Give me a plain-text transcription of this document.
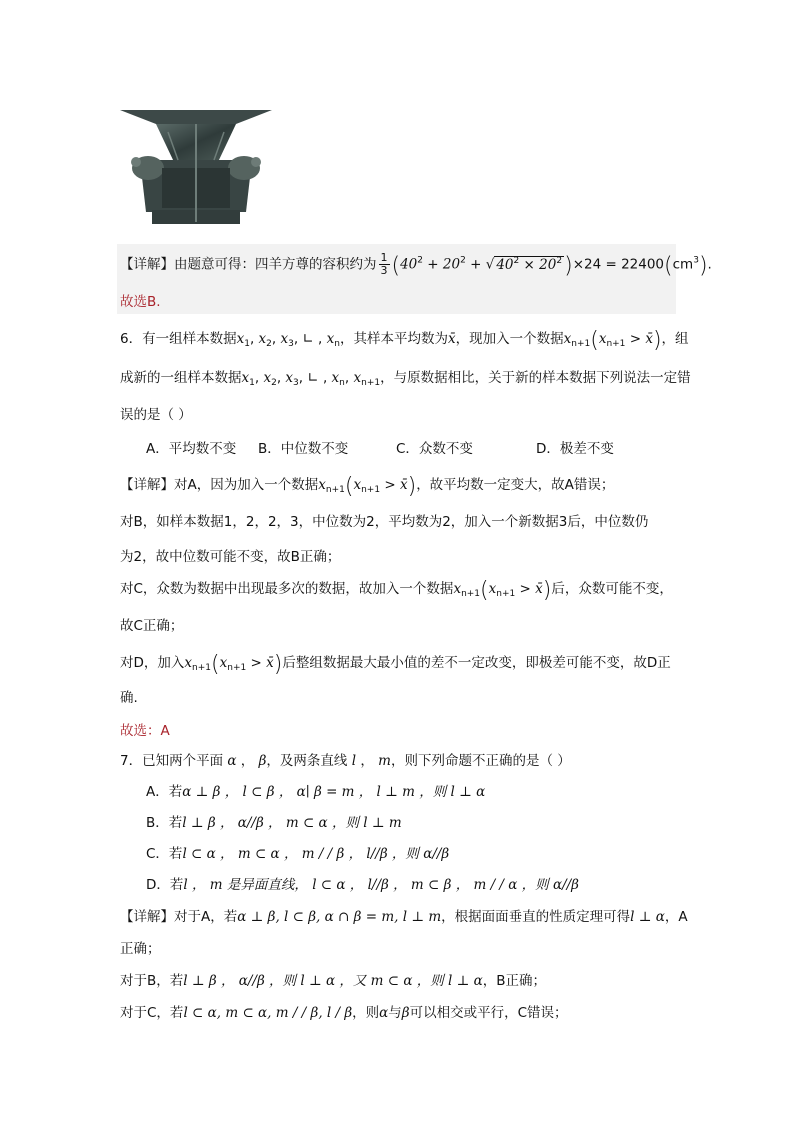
【详解】由题意可得：四羊方尊的容积约为 $\frac{1}{3} (40^2 + 20^2$ + √ $40^2 \times 20^2)\times 24 = 22400(cm^3)$.
故选B.
6．有一组样本数据$x_1$, $x_2$, $x_3$, ∟ , $x_n$，其样本平均数为x̄，现加入一个数据$x_{n+1}(x_{n+1}$ > x̄)，组
成新的一组样本数据$x_1$, $x_2$, $x_3$, ∟ , $x_n$, $x_{n+1}$，与原数据相比，关于新的样本数据下列说法一定错
误的是（ ）
A．平均数不变 B．中位数不变	C．众数不变	D．极差不变
【详解】对A，因为加入一个数据$x_{n+1}(x_{n+1}$ > x̄)，故平均数一定变大，故A错误；
对B，如样本数据1，2，2，3，中位数为2，平均数为2，加入一个新数据3后，中位数仍
为2，故中位数可能不变，故B正确；
对C，众数为数据中出现最多次的数据，故加入一个数据$x_{n+1}(x_{n+1}$ > x̄)后，众数可能不变，
故C正确；
对D，加入$x_{n+1}(x_{n+1}$ > x̄)后整组数据最大最小值的差不一定改变，即极差可能不变，故D正
确.
故选：A
7．已知两个平面 α ， β，及两条直线 l ， m，则下列命题不正确的是（ ）
A．若α ⊥ β ， l ⊂ β ， α∣ β = m ， l ⊥ m ，则 l ⊥ α
B．若l ⊥ β ， α//β ， m ⊂ α ，则 l ⊥ m
C．若l ⊂ α ， m ⊂ α ， m / / β ， l//β ，则 α//β
D．若l ， m 是异面直线， l ⊂ α ， l//β ， m ⊂ β ， m / / α ，则 α//β
【详解】对于A，若α ⊥ β, l ⊂ β, α ∩ β = m, l ⊥ m，根据面面垂直的性质定理可得l ⊥ α，A
正确；
对于B，若l ⊥ β ， α//β ，则 l ⊥ α ，又 m ⊂ α ，则 l ⊥ α，B正确；
对于C，若l ⊂ α, m ⊂ α, m / / β, l / β，则α与β可以相交或平行，C错误；
